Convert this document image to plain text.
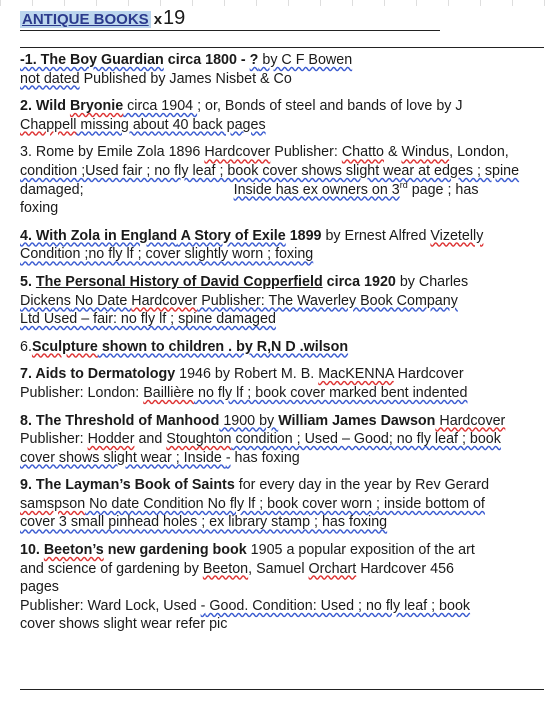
ANTIQUE BOOKS x 19
-1. The Boy Guardian circa 1800 - ? by C F Bowen
not dated Published by James Nisbet & Co
2. Wild Bryonie circa 1904 ; or, Bonds of steel and bands of love by J
Chappell missing about 40 back pages
3. Rome by Emile Zola 1896 Hardcover Publisher: Chatto & Windus, London,
condition ;Used fair ; no fly leaf ; book cover shows slight wear at edges ; spine
damaged;	Inside has ex owners on 3rd page ; has
foxing
4. With Zola in England A Story of Exile 1899 by Ernest Alfred Vizetelly
Condition ;no fly lf ; cover slightly worn ; foxing
5. The Personal History of David Copperfield circa 1920 by Charles
Dickens No Date Hardcover Publisher: The Waverley Book Company
Ltd Used – fair: no fly lf ; spine damaged
6.Sculpture shown to children . by R,N D .wilson
7. Aids to Dermatology 1946 by Robert M. B. MacKENNA Hardcover
Publisher: London: Baillière no fly lf ; book cover marked bent indented
8. The Threshold of Manhood 1900 by William James Dawson Hardcover
Publisher: Hodder and Stoughton condition ; Used – Good; no fly leaf ; book
cover shows slight wear ; Inside - has foxing
9. The Layman’s Book of Saints for every day in the year by Rev Gerard
samspson No date Condition No fly lf ; book cover worn ; inside bottom of
cover 3 small pinhead holes ; ex library stamp ; has foxing
10. Beeton’s new gardening book 1905 a popular exposition of the art
and science of gardening by Beeton, Samuel Orchart Hardcover 456
pages
Publisher: Ward Lock, Used - Good. Condition: Used ; no fly leaf ; book
cover shows slight wear refer pic
